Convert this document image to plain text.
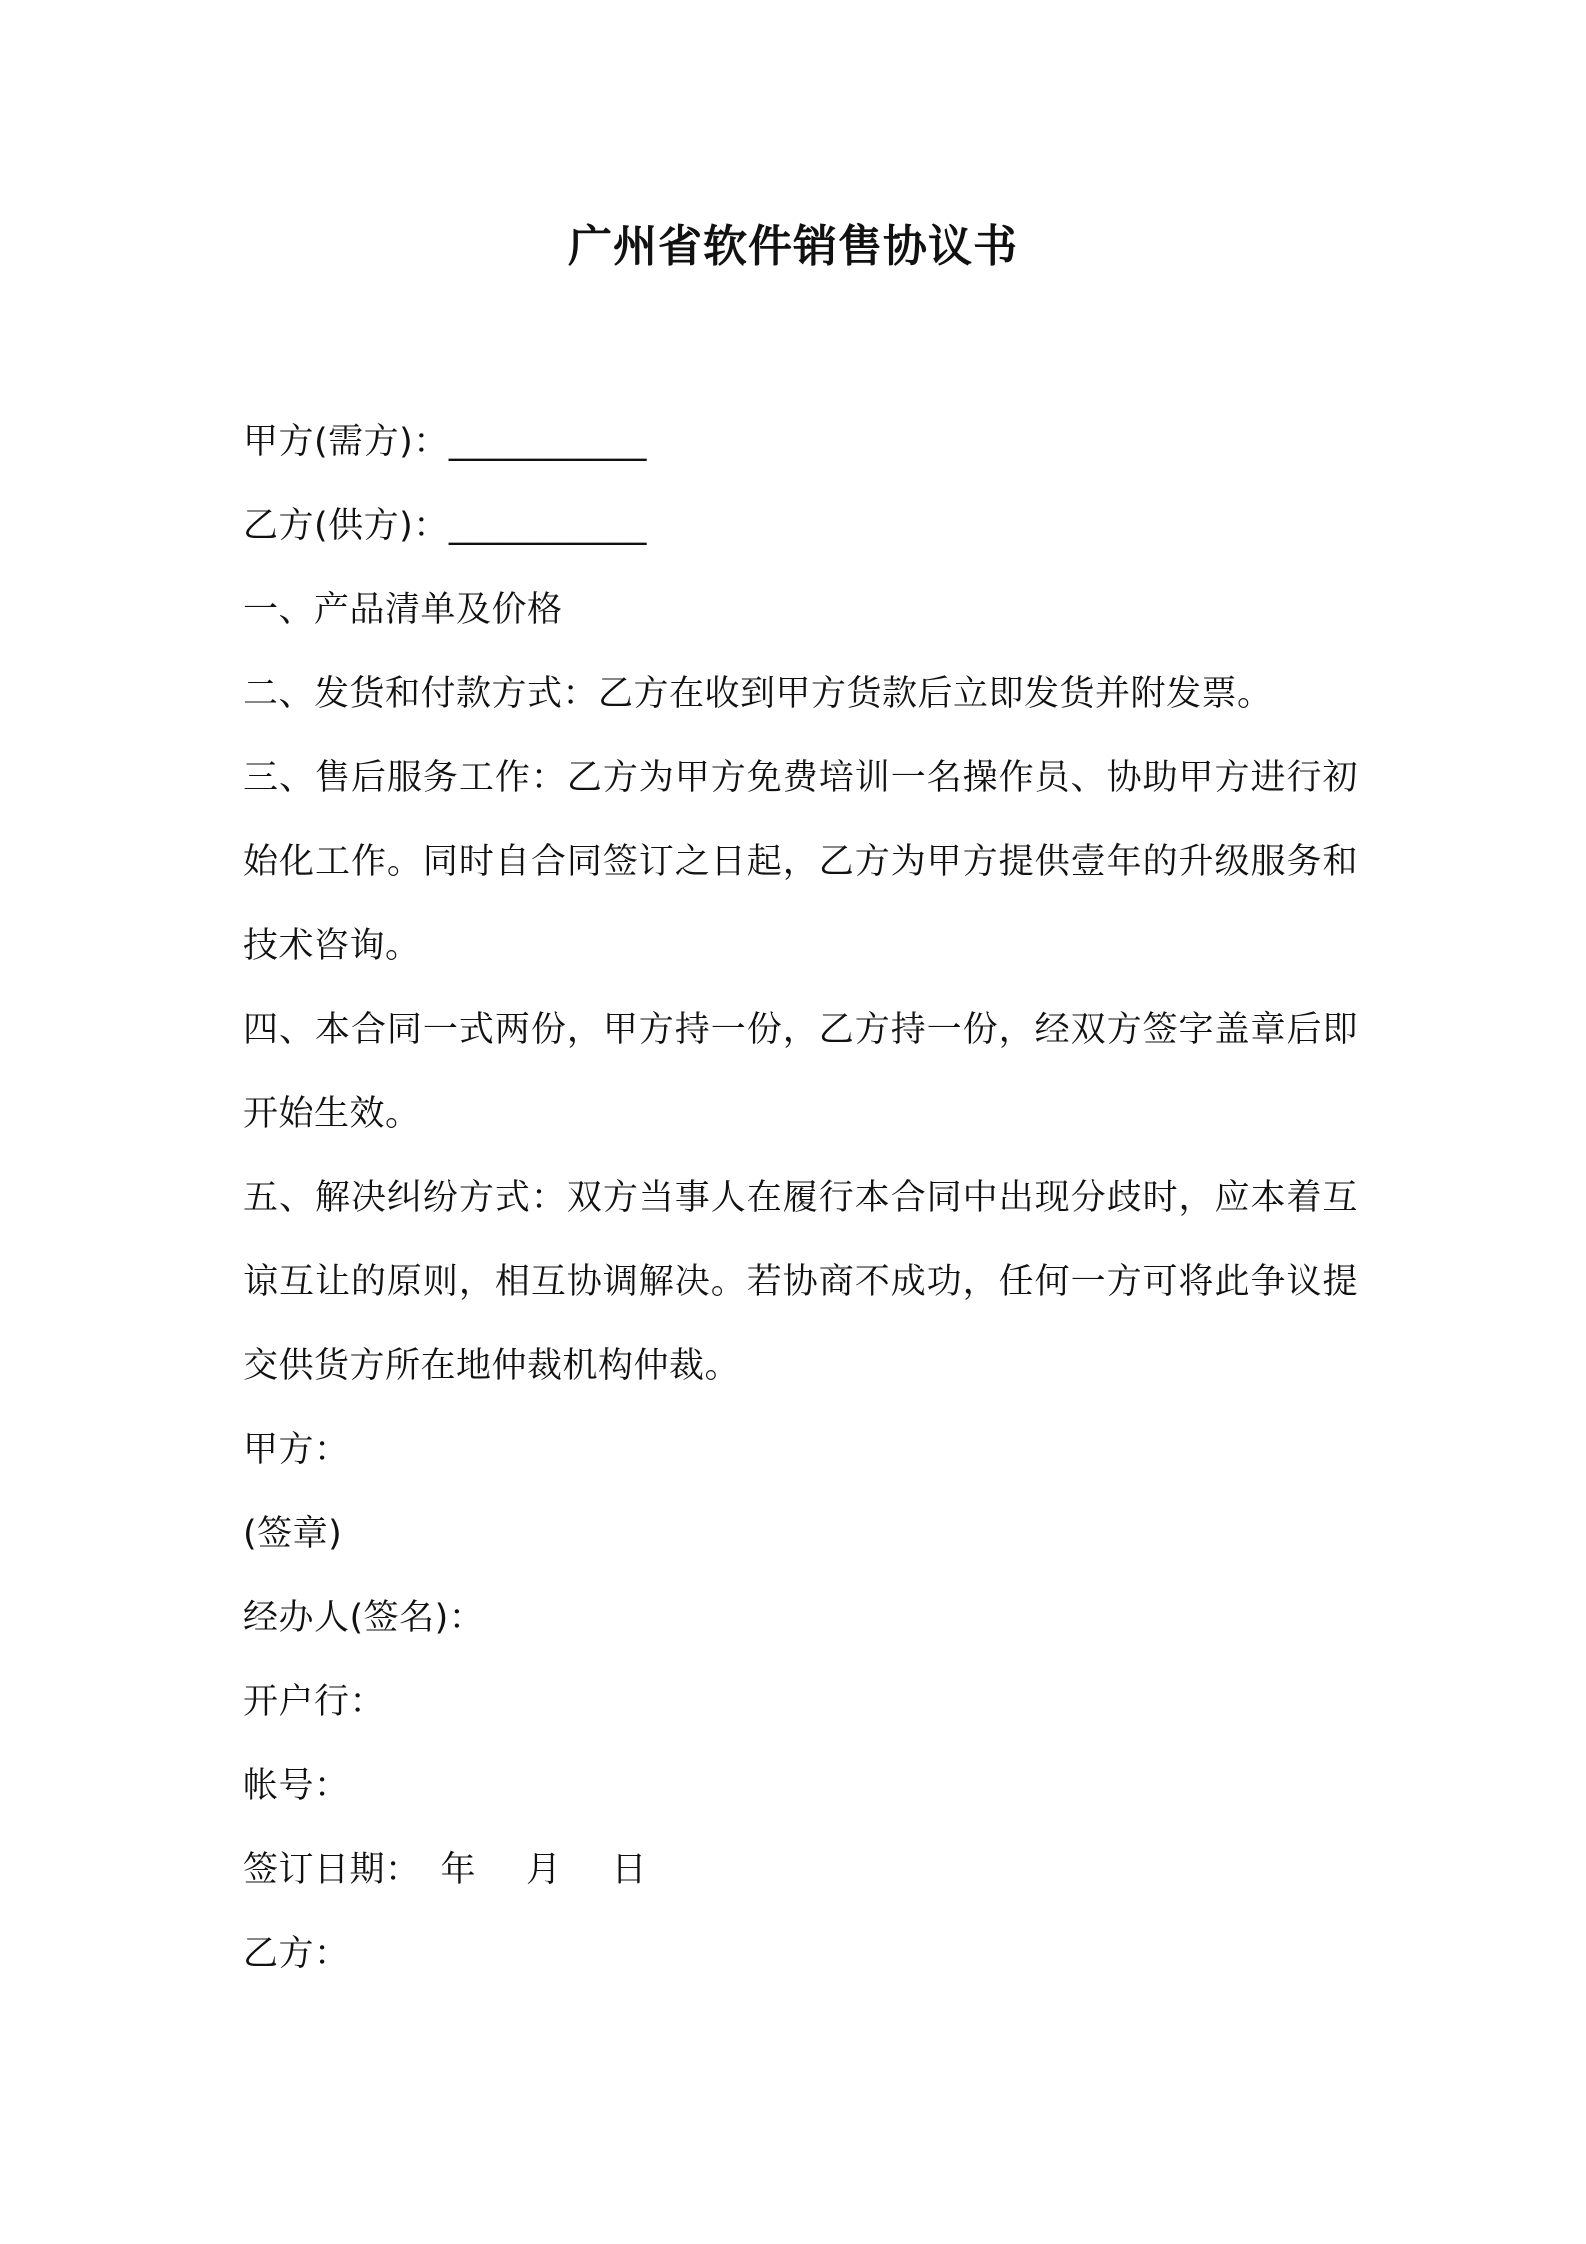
广州省软件销售协议书

甲方(需方)：___________

乙方(供方)：___________

一、产品清单及价格

二、发货和付款方式：乙方在收到甲方货款后立即发货并附发票。

三、售后服务工作：乙方为甲方免费培训一名操作员、协助甲方进行初始化工作。同时自合同签订之日起，乙方为甲方提供壹年的升级服务和技术咨询。

四、本合同一式两份，甲方持一份，乙方持一份，经双方签字盖章后即开始生效。

五、解决纠纷方式：双方当事人在履行本合同中出现分歧时，应本着互谅互让的原则，相互协调解决。若协商不成功，任何一方可将此争议提交供货方所在地仲裁机构仲裁。

甲方：

(签章)

经办人(签名)：

开户行：

帐号：

签订日期： 年 月 日

乙方：
